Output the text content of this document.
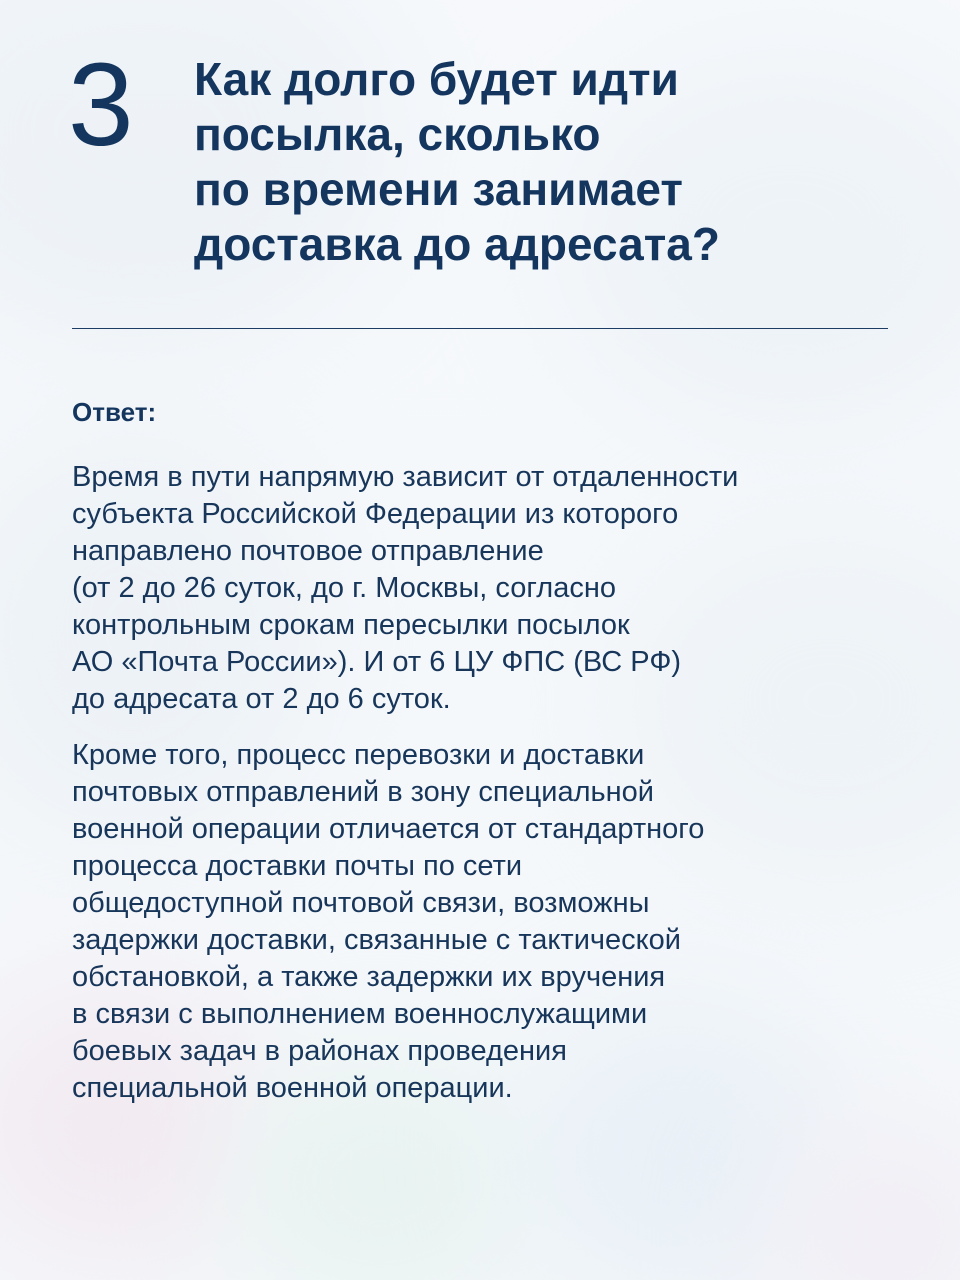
3 Как долго будет идти
посылка, сколько
по времени занимает
доставка до адресата?
Ответ:

Время в пути напрямую зависит от отдаленности
субъекта Российской Федерации из которого
направлено почтовое отправление
(от 2 до 26 суток, до г. Москвы, согласно
контрольным срокам пересылки посылок
АО «Почта России»). И от 6 ЦУ ФПС (ВС РФ)
до адресата от 2 до 6 суток.

Кроме того, процесс перевозки и доставки
почтовых отправлений в зону специальной
военной операции отличается от стандартного
процесса доставки почты по сети
общедоступной почтовой связи, возможны
задержки доставки, связанные с тактической
обстановкой, а также задержки их вручения
в связи с выполнением военнослужащими
боевых задач в районах проведения
специальной военной операции.
